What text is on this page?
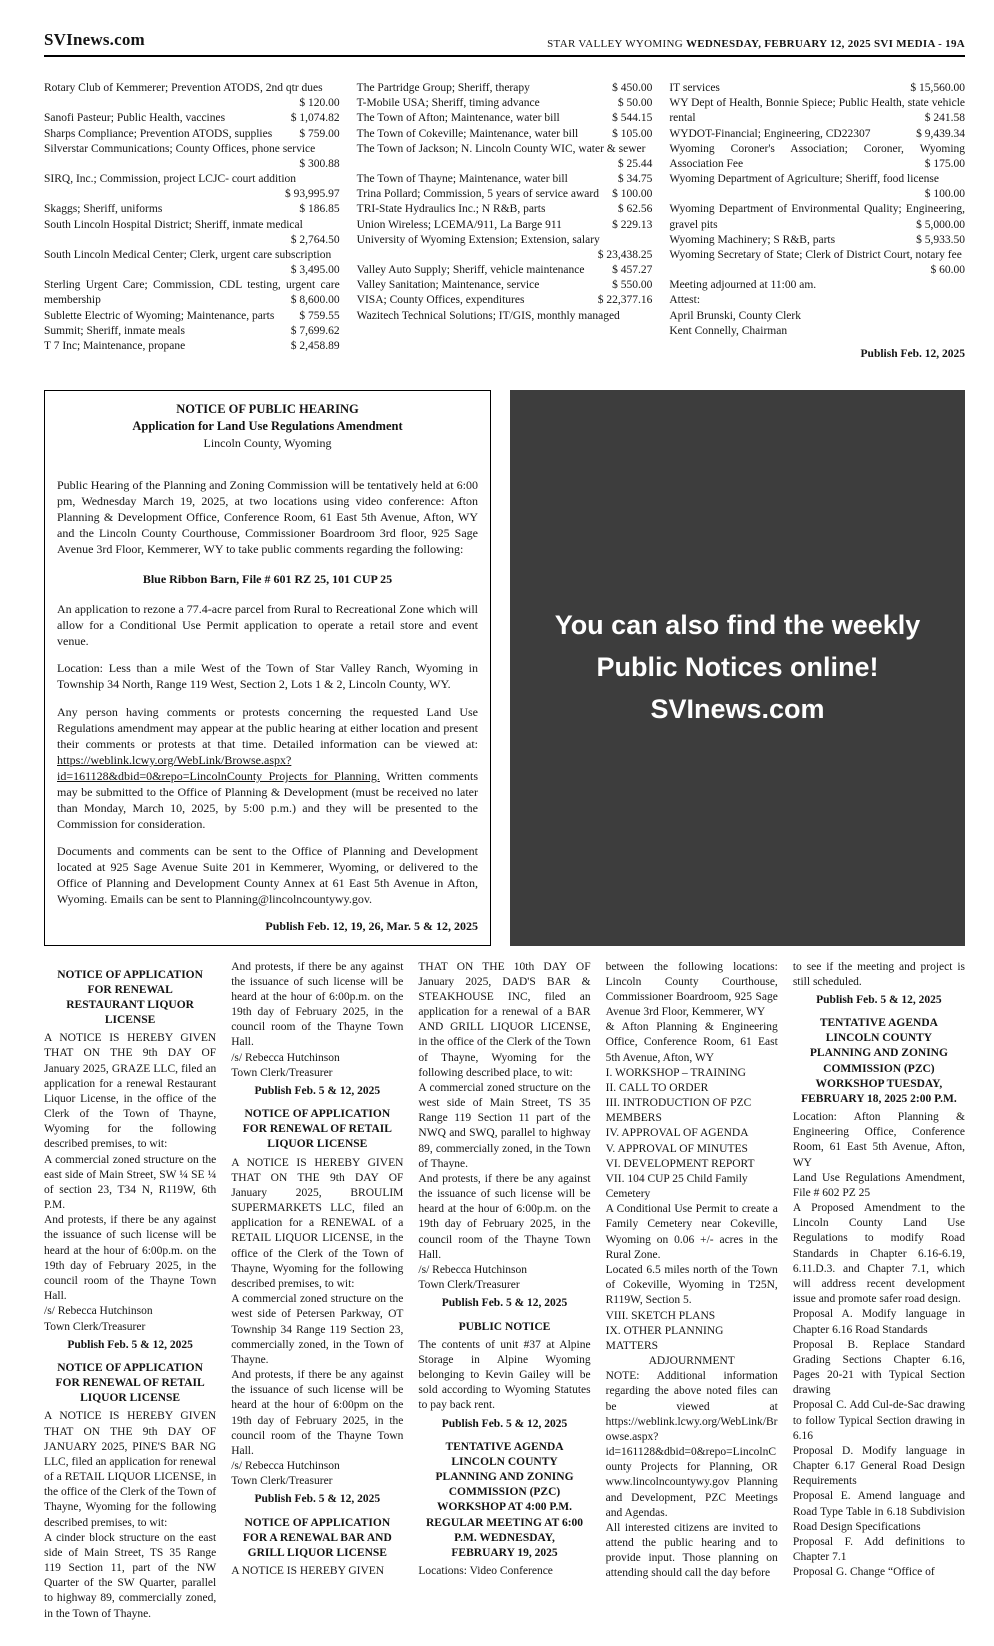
SVInews.com	STAR VALLEY WYOMING WEDNESDAY, FEBRUARY 12, 2025 SVI MEDIA - 19A
Rotary Club of Kemmerer; Prevention ATODS, 2nd qtr dues
$ 120.00
Sanofi Pasteur; Public Health, vaccines	$ 1,074.82
Sharps Compliance; Prevention ATODS, supplies	$ 759.00
Silverstar Communications; County Offices, phone service
$ 300.88
SIRQ, Inc.; Commission, project LCJC- court addition
$ 93,995.97
Skaggs; Sheriff, uniforms	$ 186.85
South Lincoln Hospital District; Sheriff, inmate medical
$ 2,764.50
South Lincoln Medical Center; Clerk, urgent care subscription
$ 3,495.00
Sterling Urgent Care; Commission, CDL testing, urgent care membership	$ 8,600.00
Sublette Electric of Wyoming; Maintenance, parts	$ 759.55
Summit; Sheriff, inmate meals	$ 7,699.62
T 7 Inc; Maintenance, propane	$ 2,458.89
The Partridge Group; Sheriff, therapy	$ 450.00
T-Mobile USA; Sheriff, timing advance	$ 50.00
The Town of Afton; Maintenance, water bill	$ 544.15
The Town of Cokeville; Maintenance, water bill	$ 105.00
The Town of Jackson; N. Lincoln County WIC, water & sewer
$ 25.44
The Town of Thayne; Maintenance, water bill	$ 34.75
Trina Pollard; Commission, 5 years of service award	$ 100.00
TRI-State Hydraulics Inc.; N R&B, parts	$ 62.56
Union Wireless; LCEMA/911, La Barge 911	$ 229.13
University of Wyoming Extension; Extension, salary
$ 23,438.25
Valley Auto Supply; Sheriff, vehicle maintenance	$ 457.27
Valley Sanitation; Maintenance, service	$ 550.00
VISA; County Offices, expenditures	$ 22,377.16
Wazitech Technical Solutions; IT/GIS, monthly managed
IT services	$ 15,560.00
WY Dept of Health, Bonnie Spiece; Public Health, state vehicle rental	$ 241.58
WYDOT-Financial; Engineering, CD22307	$ 9,439.34
Wyoming Coroner's Association; Coroner, Wyoming Association Fee	$ 175.00
Wyoming Department of Agriculture; Sheriff, food license
$ 100.00
Wyoming Department of Environmental Quality; Engineering, gravel pits	$ 5,000.00
Wyoming Machinery; S R&B, parts	$ 5,933.50
Wyoming Secretary of State; Clerk of District Court, notary fee
$ 60.00
Meeting adjourned at 11:00 am.
Attest:
April Brunski, County Clerk
Kent Connelly, Chairman
Publish Feb. 12, 2025
NOTICE OF PUBLIC HEARING
Application for Land Use Regulations Amendment
Lincoln County, Wyoming

Public Hearing of the Planning and Zoning Commission will be tentatively held at 6:00 pm, Wednesday March 19, 2025, at two locations using video conference: Afton Planning & Development Office, Conference Room, 61 East 5th Avenue, Afton, WY and the Lincoln County Courthouse, Commissioner Boardroom 3rd floor, 925 Sage Avenue 3rd Floor, Kemmerer, WY to take public comments regarding the following:

Blue Ribbon Barn, File # 601 RZ 25, 101 CUP 25

An application to rezone a 77.4-acre parcel from Rural to Recreational Zone which will allow for a Conditional Use Permit application to operate a retail store and event venue.

Location: Less than a mile West of the Town of Star Valley Ranch, Wyoming in Township 34 North, Range 119 West, Section 2, Lots 1 & 2, Lincoln County, WY.

Any person having comments or protests concerning the requested Land Use Regulations amendment may appear at the public hearing at either location and present their comments or protests at that time. Detailed information can be viewed at: https://weblink.lcwy.org/WebLink/Browse.aspx?id=161128&dbid=0&repo=LincolnCounty Projects for Planning. Written comments may be submitted to the Office of Planning & Development (must be received no later than Monday, March 10, 2025, by 5:00 p.m.) and they will be presented to the Commission for consideration.

Documents and comments can be sent to the Office of Planning and Development located at 925 Sage Avenue Suite 201 in Kemmerer, Wyoming, or delivered to the Office of Planning and Development County Annex at 61 East 5th Avenue in Afton, Wyoming. Emails can be sent to Planning@lincolncountywy.gov.

Publish Feb. 12, 19, 26, Mar. 5 & 12, 2025

You can also find the weekly
Public Notices online!
SVInews.com
NOTICE OF APPLICATION FOR RENEWAL RESTAURANT LIQUOR LICENSE
A NOTICE IS HEREBY GIVEN THAT ON THE 9th DAY OF January 2025, GRAZE LLC, filed an application for a renewal Restaurant Liquor License, in the office of the Clerk of the Town of Thayne, Wyoming for the following described premises, to wit:
A commercial zoned structure on the east side of Main Street, SW ¼ SE ¼ of section 23, T34 N, R119W, 6th P.M.
And protests, if there be any against the issuance of such license will be heard at the hour of 6:00p.m. on the 19th day of February 2025, in the council room of the Thayne Town Hall.
/s/ Rebecca Hutchinson
Town Clerk/Treasurer
Publish Feb. 5 & 12, 2025
NOTICE OF APPLICATION FOR RENEWAL OF RETAIL LIQUOR LICENSE
A NOTICE IS HEREBY GIVEN THAT ON THE 9th DAY OF JANUARY 2025, PINE'S BAR NG LLC, filed an application for renewal of a RETAIL LIQUOR LICENSE, in the office of the Clerk of the Town of Thayne, Wyoming for the following described premises, to wit:
A cinder block structure on the east side of Main Street, TS 35 Range 119 Section 11, part of the NW Quarter of the SW Quarter, parallel to highway 89, commercially zoned, in the Town of Thayne.
And protests, if there be any against the issuance of such license will be heard at the hour of 6:00p.m. on the 19th day of February 2025, in the council room of the Thayne Town Hall.
/s/ Rebecca Hutchinson
Town Clerk/Treasurer
Publish Feb. 5 & 12, 2025
NOTICE OF APPLICATION FOR RENEWAL OF RETAIL LIQUOR LICENSE
A NOTICE IS HEREBY GIVEN THAT ON THE 9th DAY OF January 2025, BROULIM SUPERMARKETS LLC, filed an application for a RENEWAL of a RETAIL LIQUOR LICENSE, in the office of the Clerk of the Town of Thayne, Wyoming for the following described premises, to wit:
A commercial zoned structure on the west side of Petersen Parkway, OT Township 34 Range 119 Section 23, commercially zoned, in the Town of Thayne.
And protests, if there be any against the issuance of such license will be heard at the hour of 6:00pm on the 19th day of February 2025, in the council room of the Thayne Town Hall.
/s/ Rebecca Hutchinson
Town Clerk/Treasurer
Publish Feb. 5 & 12, 2025
NOTICE OF APPLICATION FOR A RENEWAL BAR AND GRILL LIQUOR LICENSE
A NOTICE IS HEREBY GIVEN
THAT ON THE 10th DAY OF January 2025, DAD'S BAR & STEAKHOUSE INC, filed an application for a renewal of a BAR AND GRILL LIQUOR LICENSE, in the office of the Clerk of the Town of Thayne, Wyoming for the following described place, to wit:
A commercial zoned structure on the west side of Main Street, TS 35 Range 119 Section 11 part of the NWQ and SWQ, parallel to highway 89, commercially zoned, in the Town of Thayne.
And protests, if there be any against the issuance of such license will be heard at the hour of 6:00p.m. on the 19th day of February 2025, in the council room of the Thayne Town Hall.
/s/ Rebecca Hutchinson
Town Clerk/Treasurer
Publish Feb. 5 & 12, 2025
PUBLIC NOTICE
The contents of unit #37 at Alpine Storage in Alpine Wyoming belonging to Kevin Gailey will be sold according to Wyoming Statutes to pay back rent.
Publish Feb. 5 & 12, 2025
TENTATIVE AGENDA LINCOLN COUNTY PLANNING AND ZONING COMMISSION (PZC) WORKSHOP AT 4:00 P.M. REGULAR MEETING AT 6:00 P.M. WEDNESDAY, FEBRUARY 19, 2025
Locations: Video Conference
between the following locations: Lincoln County Courthouse, Commissioner Boardroom, 925 Sage Avenue 3rd Floor, Kemmerer, WY
& Afton Planning & Engineering Office, Conference Room, 61 East 5th Avenue, Afton, WY
I. WORKSHOP – TRAINING
II. CALL TO ORDER
III. INTRODUCTION OF PZC MEMBERS
IV. APPROVAL OF AGENDA
V. APPROVAL OF MINUTES
VI. DEVELOPMENT REPORT
VII. 104 CUP 25 Child Family Cemetery
A Conditional Use Permit to create a Family Cemetery near Cokeville, Wyoming on 0.06 +/- acres in the Rural Zone.
Located 6.5 miles north of the Town of Cokeville, Wyoming in T25N, R119W, Section 5.
VIII. SKETCH PLANS
IX. OTHER PLANNING MATTERS
ADJOURNMENT
NOTE: Additional information regarding the above noted files can be viewed at https://weblink.lcwy.org/WebLink/Browse.aspx?id=161128&dbid=0&repo=LincolnCounty Projects for Planning, OR www.lincolncountywy.gov Planning and Development, PZC Meetings and Agendas.
All interested citizens are invited to attend the public hearing and to provide input. Those planning on attending should call the day before
to see if the meeting and project is still scheduled.
Publish Feb. 5 & 12, 2025
TENTATIVE AGENDA LINCOLN COUNTY PLANNING AND ZONING COMMISSION (PZC) WORKSHOP TUESDAY, FEBRUARY 18, 2025 2:00 P.M.
Location: Afton Planning & Engineering Office, Conference Room, 61 East 5th Avenue, Afton, WY
Land Use Regulations Amendment, File # 602 PZ 25
A Proposed Amendment to the Lincoln County Land Use Regulations to modify Road Standards in Chapter 6.16-6.19, 6.11.D.3. and Chapter 7.1, which will address recent development issue and promote safer road design.
Proposal A. Modify language in Chapter 6.16 Road Standards
Proposal B. Replace Standard Grading Sections Chapter 6.16, Pages 20-21 with Typical Section drawing
Proposal C. Add Cul-de-Sac drawing to follow Typical Section drawing in 6.16
Proposal D. Modify language in Chapter 6.17 General Road Design Requirements
Proposal E. Amend language and Road Type Table in 6.18 Subdivision Road Design Specifications
Proposal F. Add definitions to Chapter 7.1
Proposal G. Change “Office of
